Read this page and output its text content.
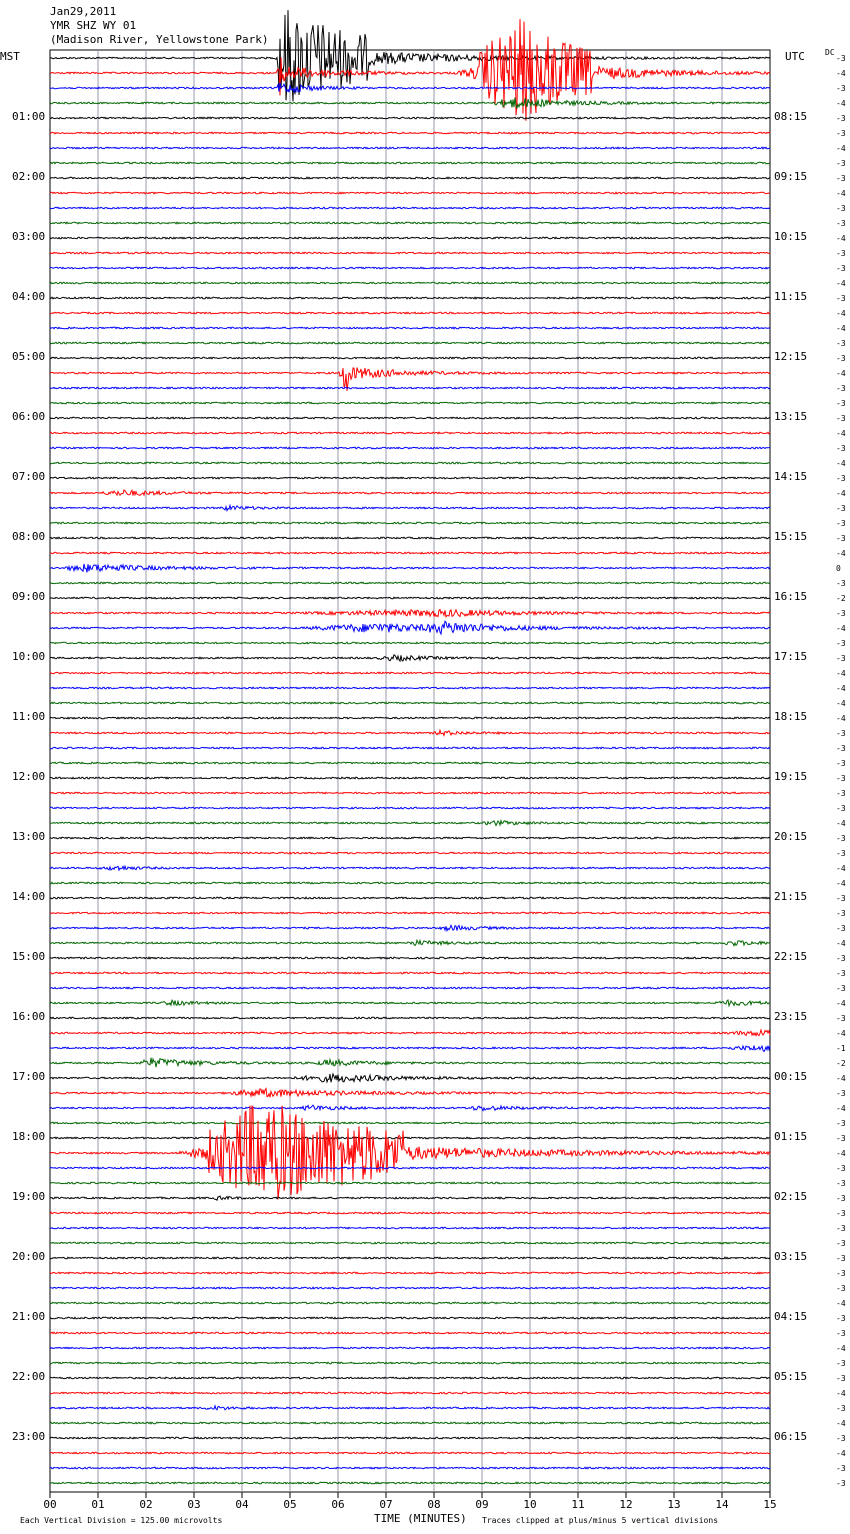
00	01	02	03	04	05	06	07	08	09	10	11	12	13	14	15
Jan29,2011
YMR SHZ WY 01
(Madison River, Yellowstone Park)
MST	UTC	DC
TIME (MINUTES)
Each Vertical Division = 125.00 microvolts	Traces clipped at plus/minus 5 vertical divisions
01:00
02:00
03:00
04:00
05:00
06:00
07:00
08:00
09:00
10:00
11:00
12:00
13:00
14:00
15:00
16:00
17:00
18:00
19:00
20:00
21:00
22:00
23:00
08:15
09:15
10:15
11:15
12:15
13:15
14:15
15:15
16:15
17:15
18:15
19:15
20:15
21:15
22:15
23:15
00:15
01:15
02:15
03:15
04:15
05:15
06:15
-3
-4
-3
-4
-3
-3
-4
-3
-3
-4
-3
-3
-4
-3
-3
-4
-3
-4
-4
-3
-3
-4
-3
-3
-3
-4
-3
-4
-3
-4
-3
-3
-3
-4
0
-3
-2
-3
-4
-3
-3
-4
-4
-4
-4
-3
-3
-3
-3
-3
-3
-4
-3
-3
-4
-4
-3
-3
-3
-4
-3
-3
-3
-4
-3
-4
-1
-2
-4
-3
-4
-3
-3
-4
-3
-3
-3
-3
-3
-3
-3
-3
-3
-4
-3
-3
-4
-3
-3
-4
-3
-4
-3
-4
-3
-3
